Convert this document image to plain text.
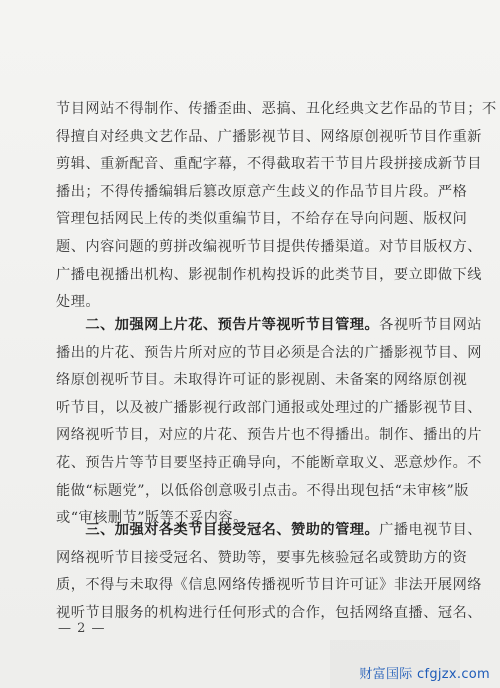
节目网站不得制作、传播歪曲、恶搞、丑化经典文艺作品的节目；不
得擅自对经典文艺作品、广播影视节目、网络原创视听节目作重新
剪辑、重新配音、重配字幕，不得截取若干节目片段拼接成新节目
播出；不得传播编辑后篡改原意产生歧义的作品节目片段。严格
管理包括网民上传的类似重编节目，不给存在导向问题、版权问
题、内容问题的剪拼改编视听节目提供传播渠道。对节目版权方、
广播电视播出机构、影视制作机构投诉的此类节目，要立即做下线
处理。
　　二、加强网上片花、预告片等视听节目管理。各视听节目网站
播出的片花、预告片所对应的节目必须是合法的广播影视节目、网
络原创视听节目。未取得许可证的影视剧、未备案的网络原创视
听节目，以及被广播影视行政部门通报或处理过的广播影视节目、
网络视听节目，对应的片花、预告片也不得播出。制作、播出的片
花、预告片等节目要坚持正确导向，不能断章取义、恶意炒作。不
能做“标题党”，以低俗创意吸引点击。不得出现包括“未审核”版
或“审核删节”版等不妥内容。
　　三、加强对各类节目接受冠名、赞助的管理。广播电视节目、
网络视听节目接受冠名、赞助等，要事先核验冠名或赞助方的资
质，不得与未取得《信息网络传播视听节目许可证》非法开展网络
视听节目服务的机构进行任何形式的合作，包括网络直播、冠名、
— 2 —
财富国际 cfgjzx.com
